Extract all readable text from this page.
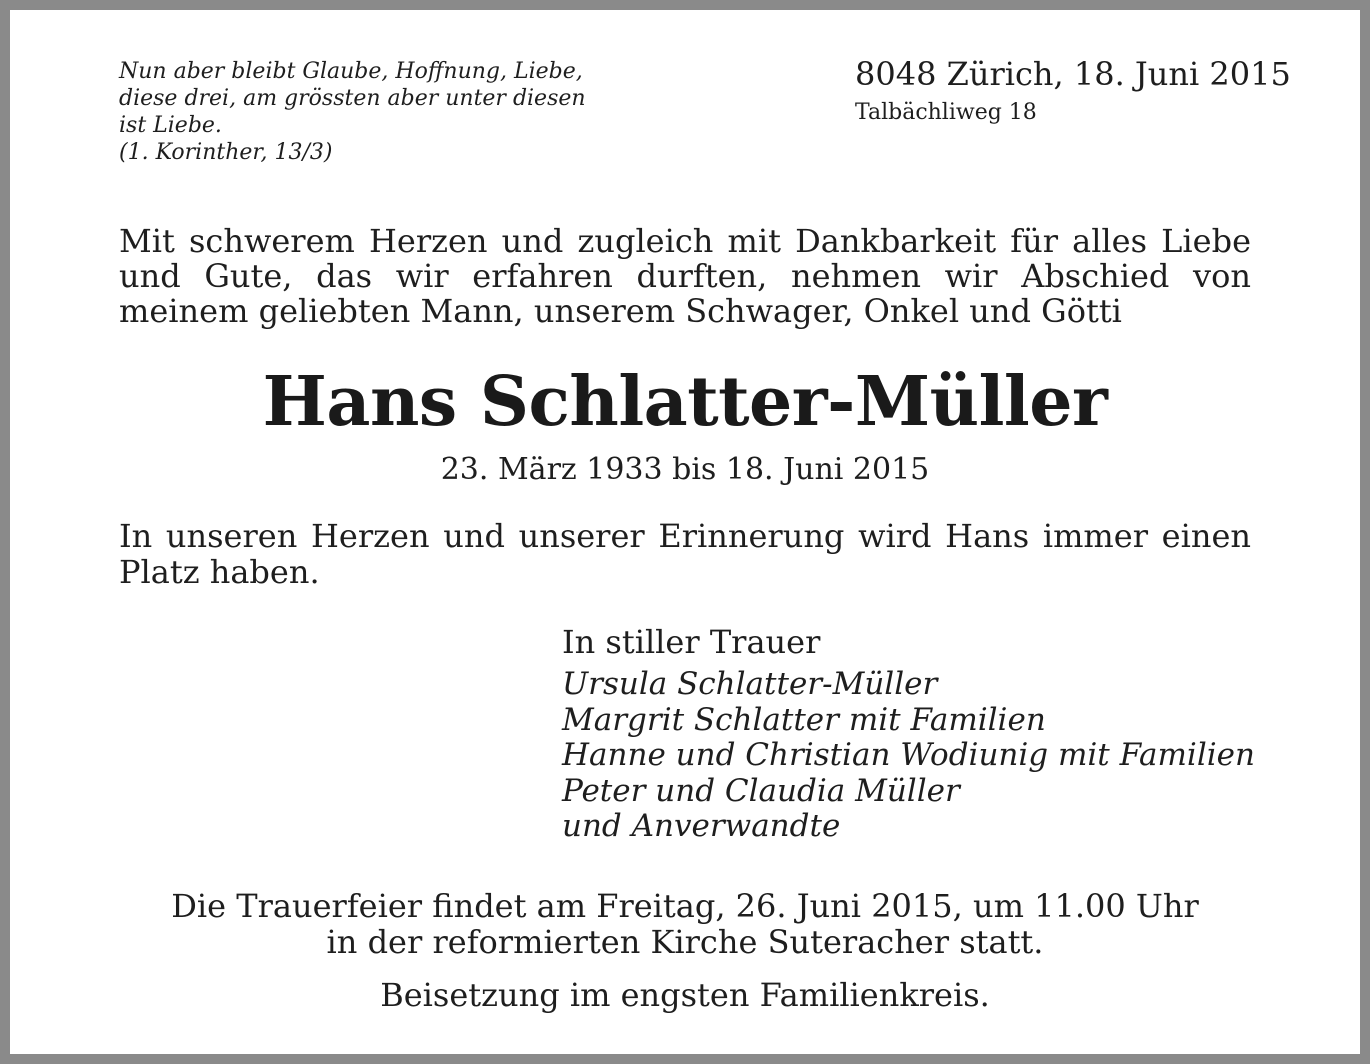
Nun aber bleibt Glaube, Hoffnung, Liebe,
diese drei, am grössten aber unter diesen
ist Liebe.
(1. Korinther, 13/3)
8048 Zürich, 18. Juni 2015
Talbächliweg 18

Mit schwerem Herzen und zugleich mit Dankbarkeit für alles Liebe und Gute, das wir erfahren durften, nehmen wir Abschied von meinem geliebten Mann, unserem Schwager, Onkel und Götti

Hans Schlatter-Müller
23. März 1933 bis 18. Juni 2015

In unseren Herzen und unserer Erinnerung wird Hans immer einen Platz haben.

In stiller Trauer
Ursula Schlatter-Müller
Margrit Schlatter mit Familien
Hanne und Christian Wodiunig mit Familien
Peter und Claudia Müller
und Anverwandte
Die Trauerfeier findet am Freitag, 26. Juni 2015, um 11.00 Uhr
in der reformierten Kirche Suteracher statt.
Beisetzung im engsten Familienkreis.
